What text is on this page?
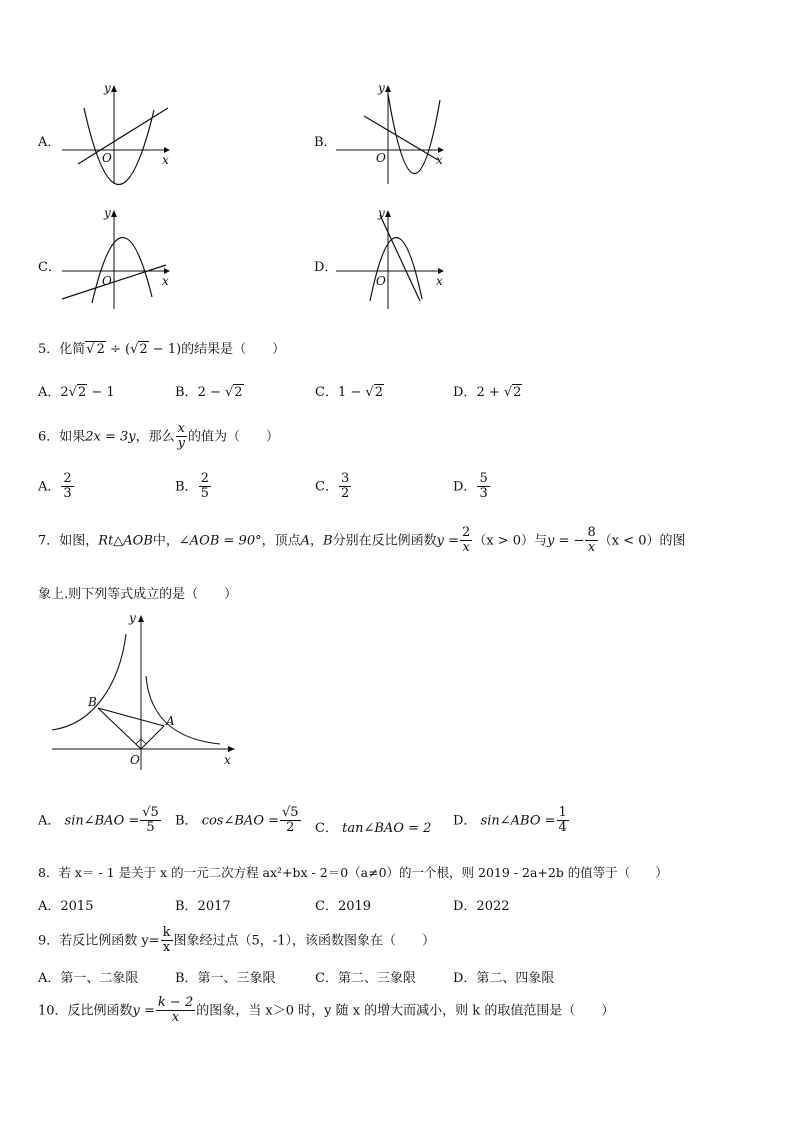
A．
y
x
O
B．
y
x
O
C．
y
x
O
D．
y
x
O
5．化简√ 2 ÷ (√2 − 1)的结果是（　　）
A．2√2 − 1	B．2 − √2	C．1 − √2	D．2 + √2
6．如果2x = 3y，那么 $\frac{x}{y}$ 的值为（　　）
A． $\frac{2}{3}$	B． $\frac{2}{5}$	C． $\frac{3}{2}$	D． $\frac{5}{3}$
7．如图，Rt△AOB中，∠AOB = 90°，顶点A，B分别在反比例函数$y = \frac{2}{x} (x > 0)$与y = − $\frac{8}{x} (x < 0)$的图
象上.则下列等式成立的是（　　）
B
A
O	x
y
A． sin∠BAO = $\frac{√5}{5}$ B． cos∠BAO = $\frac{√5}{2}$ C． tan∠BAO = 2
D． sin∠ABO = $\frac{1}{4}$
8．若 x＝ - 1 是关于 x 的一元二次方程 ax²+bx - 2＝0（a≠0）的一个根，则 2019 - 2a+2b 的值等于（　　）
A．2015	B．2017	C．2019	D．2022
9．若反比例函数 $y= \frac{k}{x}$ 图象经过点（5，-1），该函数图象在（　　）
A．第一、二象限	B．第一、三象限	C．第二、三象限	D．第二、四象限
10．反比例函数$y = \frac{k - 2}{x}$ 的图象，当 x＞0 时，y 随 x 的增大而减小，则 k 的取值范围是（　　）
